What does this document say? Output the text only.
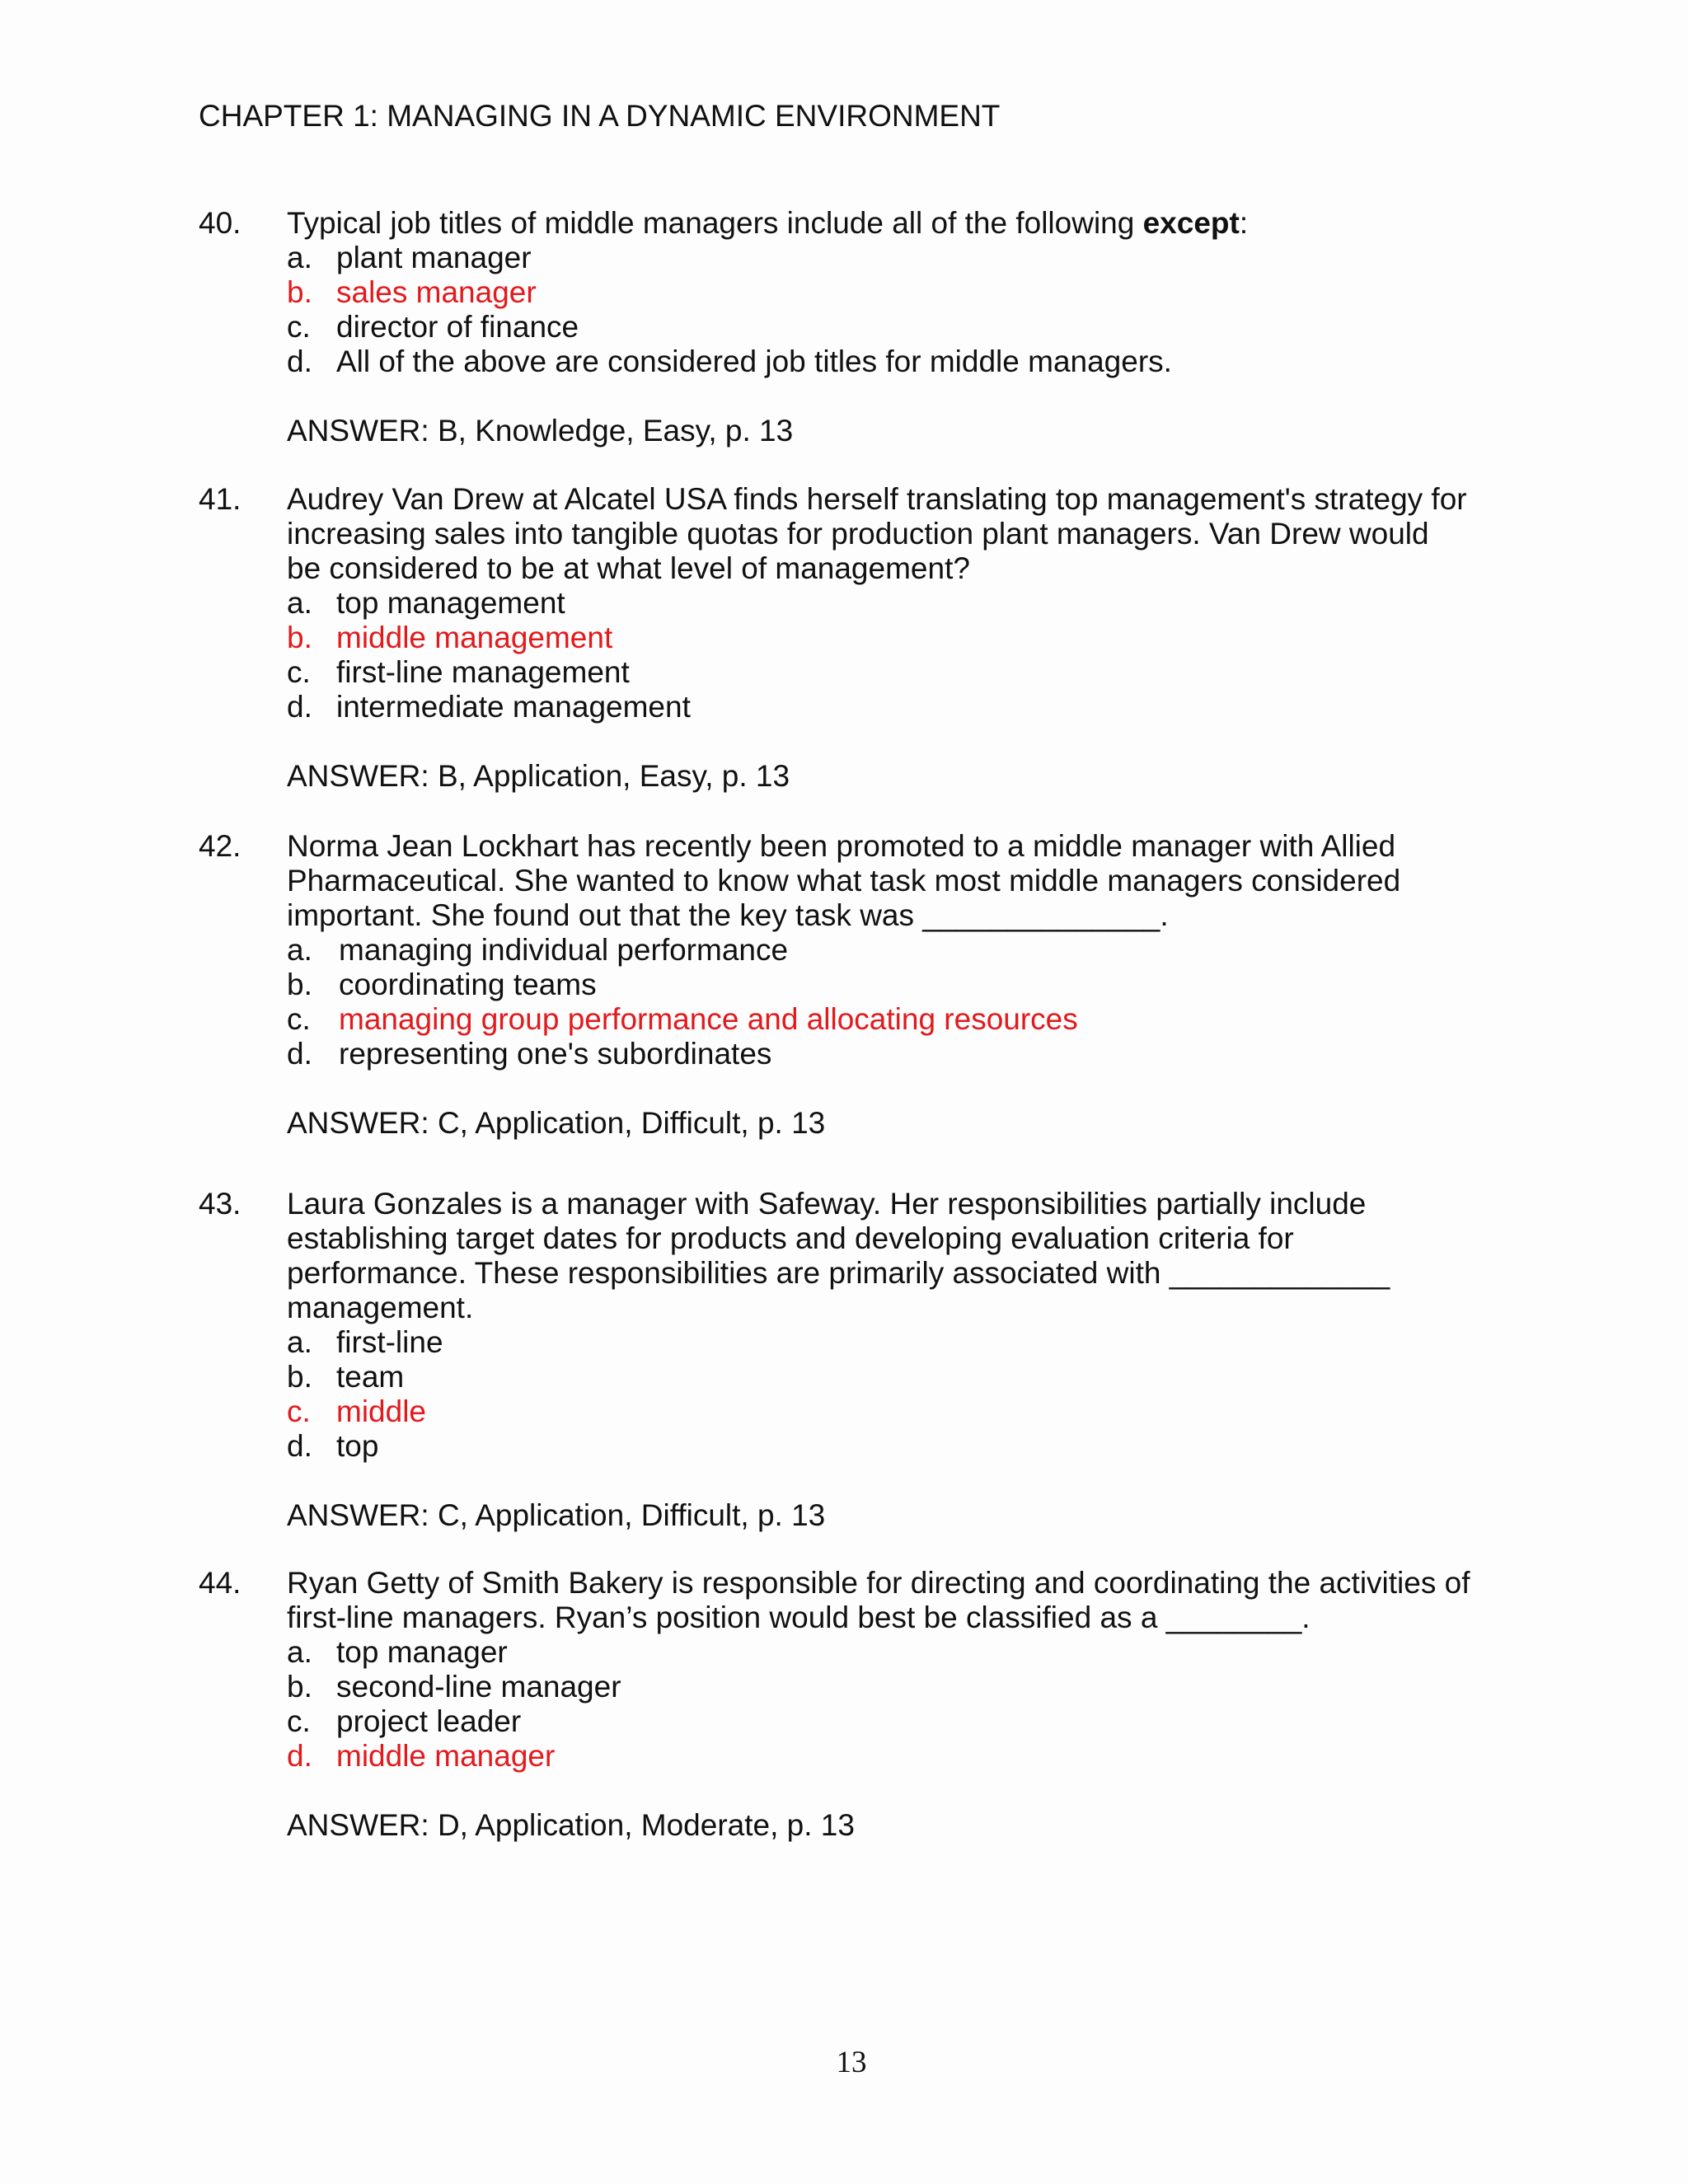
CHAPTER 1: MANAGING IN A DYNAMIC ENVIRONMENT
40. Typical job titles of middle managers include all of the following except:

a. plant manager
b. sales manager
c. director of finance
d. All of the above are considered job titles for middle managers.

ANSWER: B, Knowledge, Easy, p. 13

41. Audrey Van Drew at Alcatel USA finds herself translating top management's strategy for
increasing sales into tangible quotas for production plant managers. Van Drew would
be considered to be at what level of management?

a. top management
b. middle management
c. first-line management
d. intermediate management

ANSWER: B, Application, Easy, p. 13

42. Norma Jean Lockhart has recently been promoted to a middle manager with Allied
Pharmaceutical. She wanted to know what task most middle managers considered
important. She found out that the key task was ______________.

a. managing individual performance
b. coordinating teams
c. managing group performance and allocating resources
d. representing one's subordinates

ANSWER: C, Application, Difficult, p. 13

43. Laura Gonzales is a manager with Safeway. Her responsibilities partially include
establishing target dates for products and developing evaluation criteria for
performance. These responsibilities are primarily associated with _____________
management.

a. first-line
b. team
c. middle
d. top

ANSWER: C, Application, Difficult, p. 13

44. Ryan Getty of Smith Bakery is responsible for directing and coordinating the activities of
first-line managers. Ryan’s position would best be classified as a ________.

a. top manager
b. second-line manager
c. project leader
d. middle manager

ANSWER: D, Application, Moderate, p. 13

13
